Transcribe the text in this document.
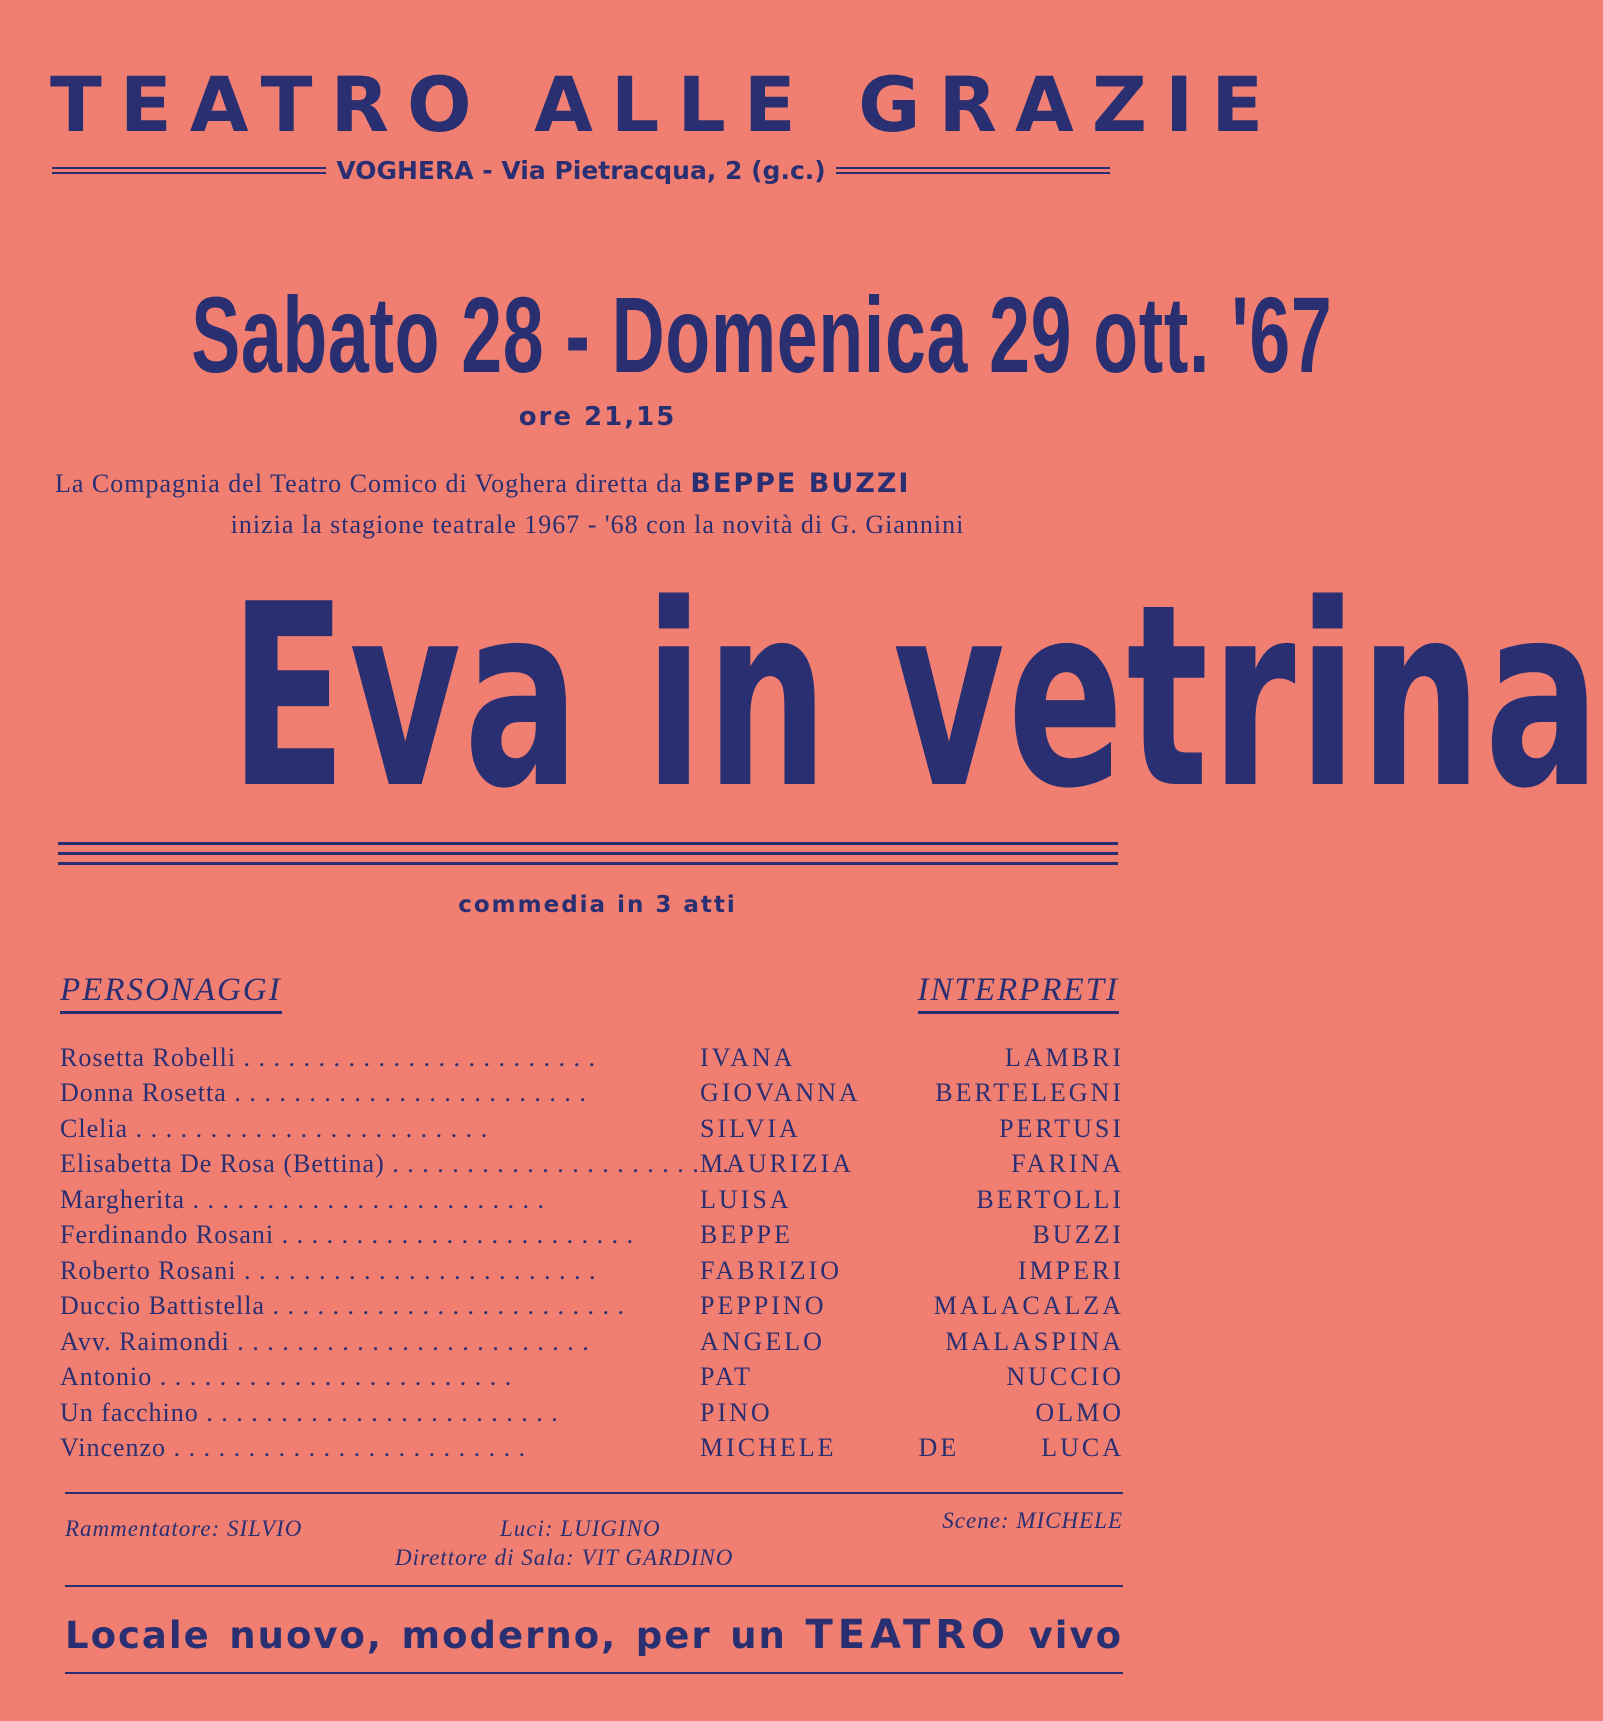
TEATRO ALLE GRAZIE
VOGHERA - Via Pietracqua, 2 (g.c.)
Sabato 28 - Domenica 29 ott. '67
ore 21,15
La Compagnia del Teatro Comico di Voghera diretta da BEPPE BUZZI
inizia la stagione teatrale 1967 - '68 con la novità di G. Giannini
Eva in vetrina
commedia in 3 atti
PERSONAGGI	INTERPRETI
Rosetta Robelli .	IVANA LAMBRI
Donna Rosetta .	GIOVANNA BERTELEGNI
Clelia .	SILVIA PERTUSI
Elisabetta De Rosa (Bettina) .	MAURIZIA FARINA
Margherita .	LUISA BERTOLLI
Ferdinando Rosani .	BEPPE BUZZI
Roberto Rosani .	FABRIZIO IMPERI
Duccio Battistella .	PEPPINO MALACALZA
Avv. Raimondi .	ANGELO MALASPINA
Antonio .	PAT NUCCIO
Un facchino .	PINO OLMO
Vincenzo .	MICHELE DE LUCA
Rammentatore: SILVIO	Luci: LUIGINO	Scene: MICHELE
Direttore di Sala: VIT GARDINO
Locale nuovo, moderno, per un TEATRO vivo
